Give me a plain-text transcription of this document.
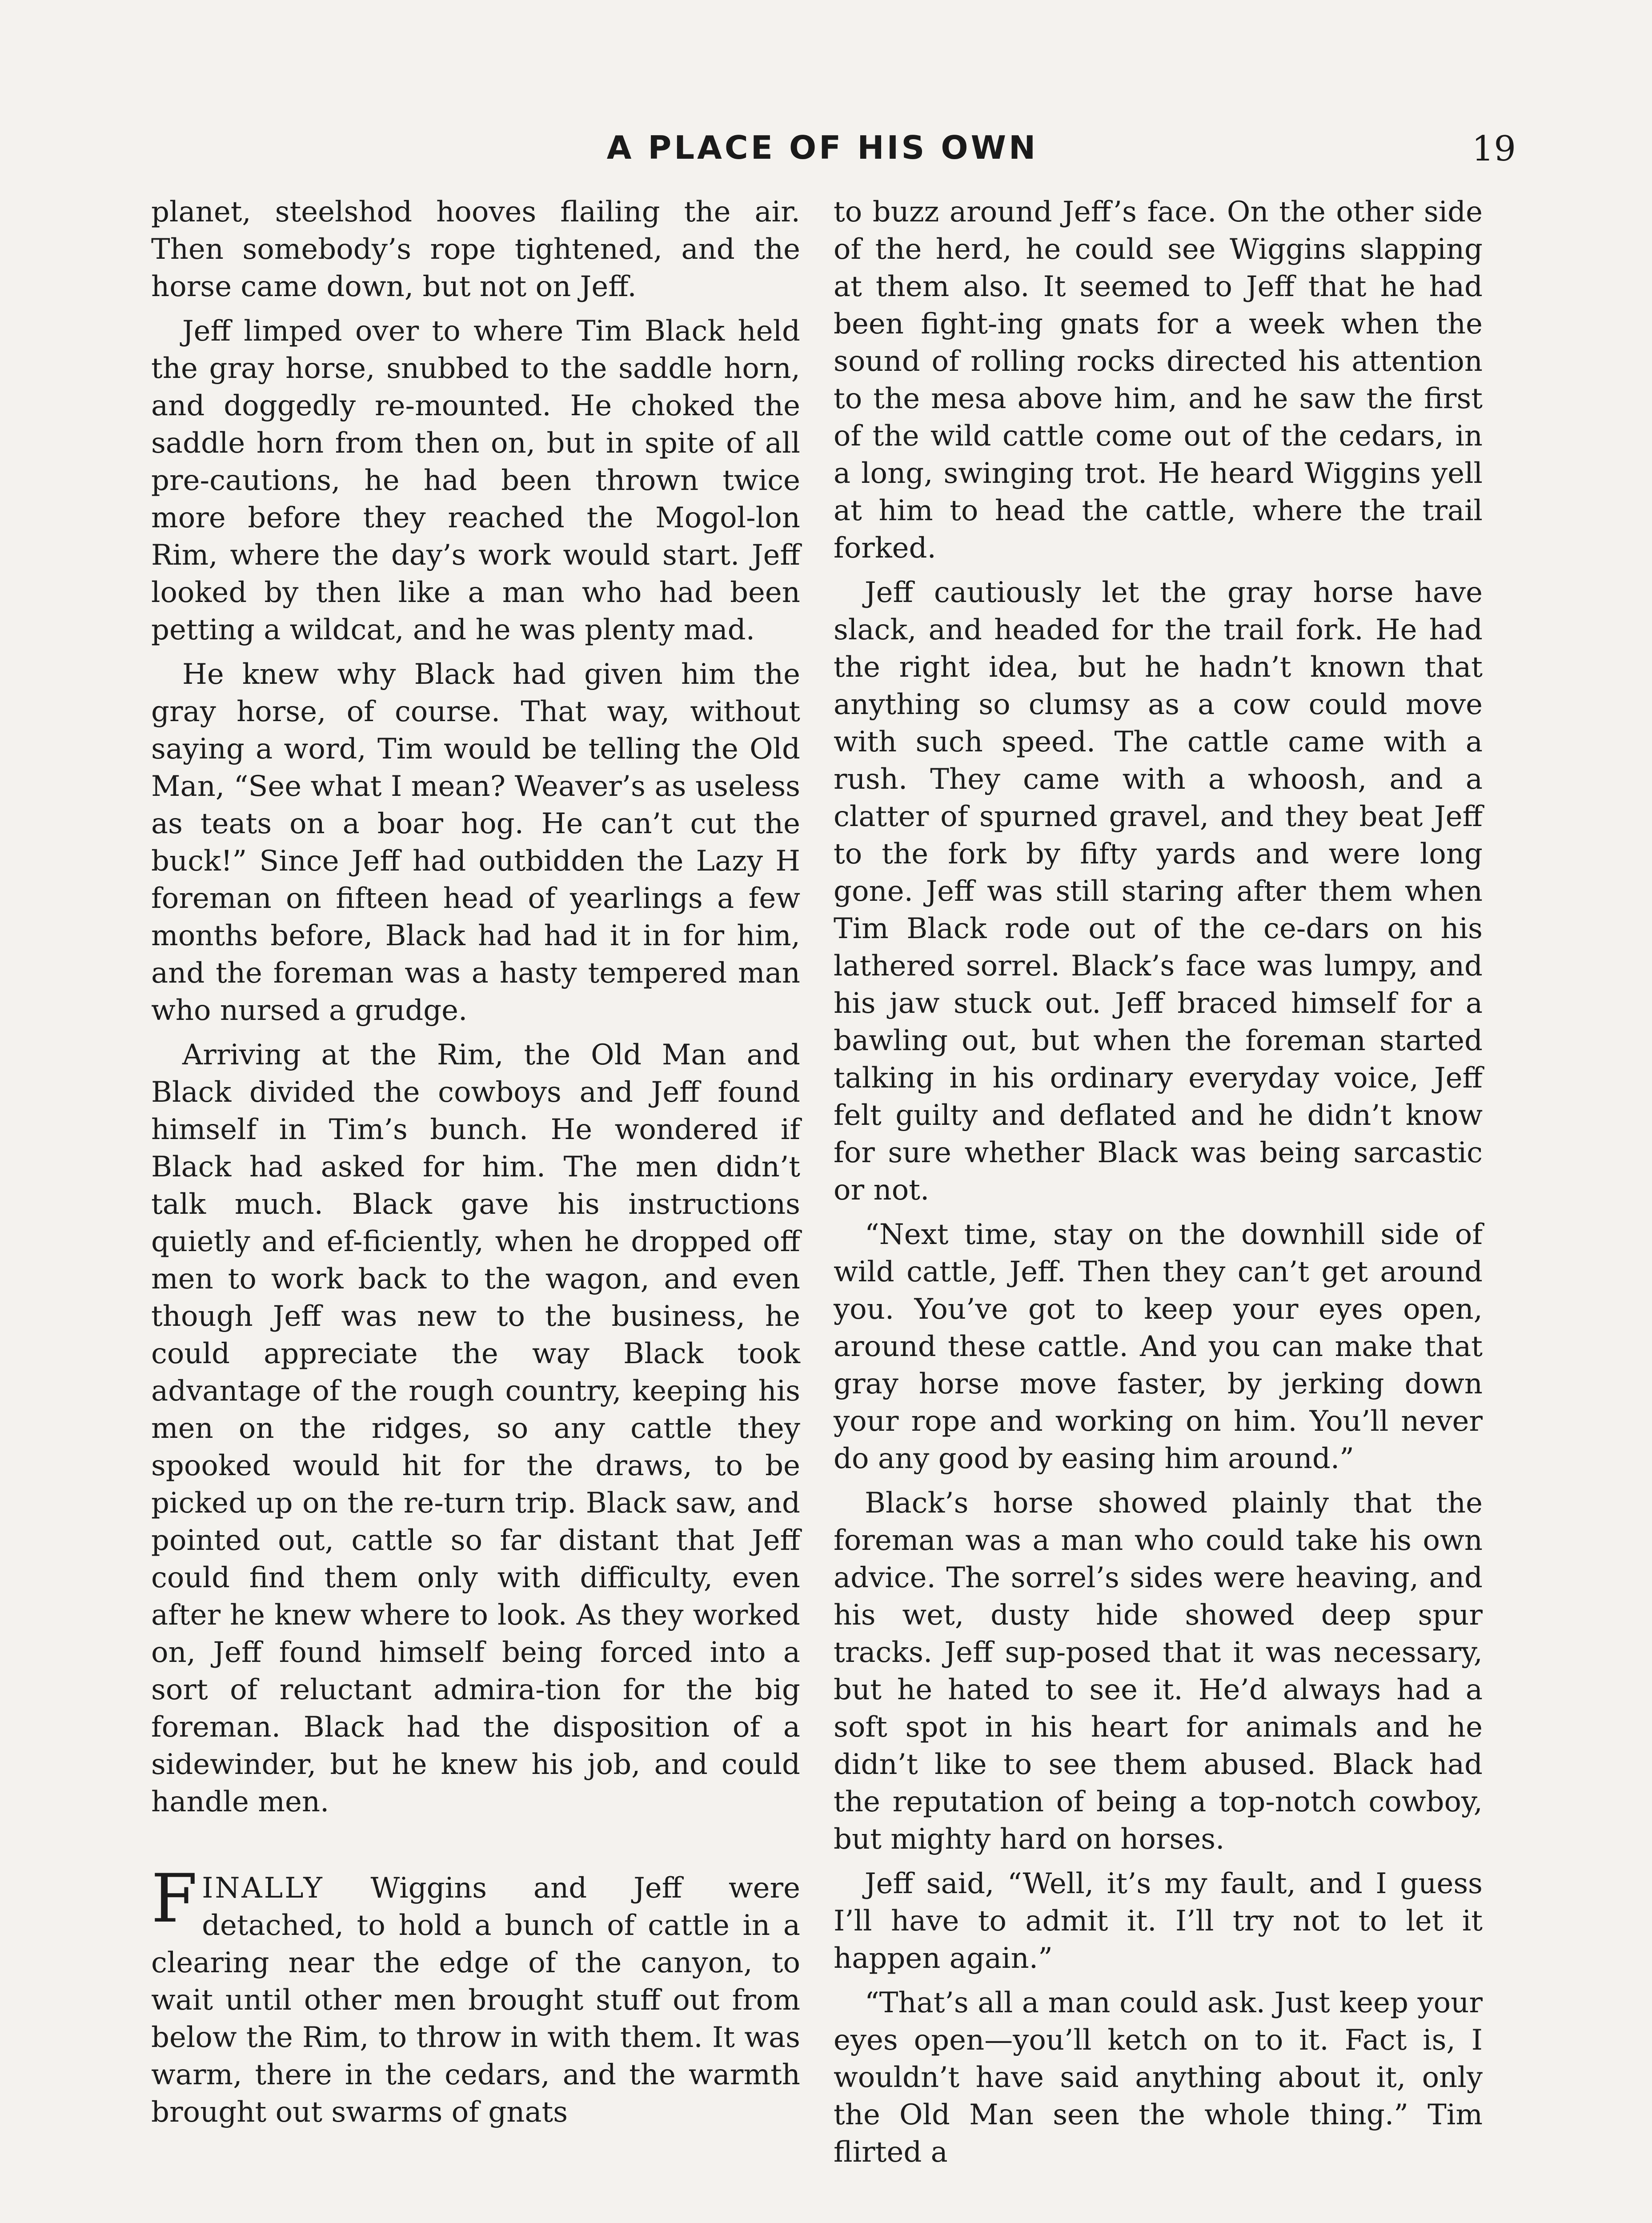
A PLACE OF HIS OWN	19

planet, steelshod hooves flailing the air. Then somebody’s rope tightened, and the horse came down, but not on Jeff.

Jeff limped over to where Tim Black held the gray horse, snubbed to the saddle horn, and doggedly re-mounted. He choked the saddle horn from then on, but in spite of all pre-cautions, he had been thrown twice more before they reached the Mogol-lon Rim, where the day’s work would start. Jeff looked by then like a man who had been petting a wildcat, and he was plenty mad.

He knew why Black had given him the gray horse, of course. That way, without saying a word, Tim would be telling the Old Man, “See what I mean? Weaver’s as useless as teats on a boar hog. He can’t cut the buck!” Since Jeff had outbidden the Lazy H foreman on fifteen head of yearlings a few months before, Black had had it in for him, and the foreman was a hasty tempered man who nursed a grudge.

Arriving at the Rim, the Old Man and Black divided the cowboys and Jeff found himself in Tim’s bunch. He wondered if Black had asked for him. The men didn’t talk much. Black gave his instructions quietly and ef-ficiently, when he dropped off men to work back to the wagon, and even though Jeff was new to the business, he could appreciate the way Black took advantage of the rough country, keeping his men on the ridges, so any cattle they spooked would hit for the draws, to be picked up on the re-turn trip. Black saw, and pointed out, cattle so far distant that Jeff could find them only with difficulty, even after he knew where to look. As they worked on, Jeff found himself being forced into a sort of reluctant admira-tion for the big foreman. Black had the disposition of a sidewinder, but he knew his job, and could handle men.

FINALLY Wiggins and Jeff were detached, to hold a bunch of cattle in a clearing near the edge of the canyon, to wait until other men brought stuff out from below the Rim, to throw in with them. It was warm, there in the cedars, and the warmth brought out swarms of gnats

to buzz around Jeff’s face. On the other side of the herd, he could see Wiggins slapping at them also. It seemed to Jeff that he had been fight-ing gnats for a week when the sound of rolling rocks directed his attention to the mesa above him, and he saw the first of the wild cattle come out of the cedars, in a long, swinging trot. He heard Wiggins yell at him to head the cattle, where the trail forked.

Jeff cautiously let the gray horse have slack, and headed for the trail fork. He had the right idea, but he hadn’t known that anything so clumsy as a cow could move with such speed. The cattle came with a rush. They came with a whoosh, and a clatter of spurned gravel, and they beat Jeff to the fork by fifty yards and were long gone. Jeff was still staring after them when Tim Black rode out of the ce-dars on his lathered sorrel. Black’s face was lumpy, and his jaw stuck out. Jeff braced himself for a bawling out, but when the foreman started talking in his ordinary everyday voice, Jeff felt guilty and deflated and he didn’t know for sure whether Black was being sarcastic or not.

“Next time, stay on the downhill side of wild cattle, Jeff. Then they can’t get around you. You’ve got to keep your eyes open, around these cattle. And you can make that gray horse move faster, by jerking down your rope and working on him. You’ll never do any good by easing him around.”

Black’s horse showed plainly that the foreman was a man who could take his own advice. The sorrel’s sides were heaving, and his wet, dusty hide showed deep spur tracks. Jeff sup-posed that it was necessary, but he hated to see it. He’d always had a soft spot in his heart for animals and he didn’t like to see them abused. Black had the reputation of being a top-notch cowboy, but mighty hard on horses.

Jeff said, “Well, it’s my fault, and I guess I’ll have to admit it. I’ll try not to let it happen again.”

“That’s all a man could ask. Just keep your eyes open—you’ll ketch on to it. Fact is, I wouldn’t have said anything about it, only the Old Man seen the whole thing.” Tim flirted a
